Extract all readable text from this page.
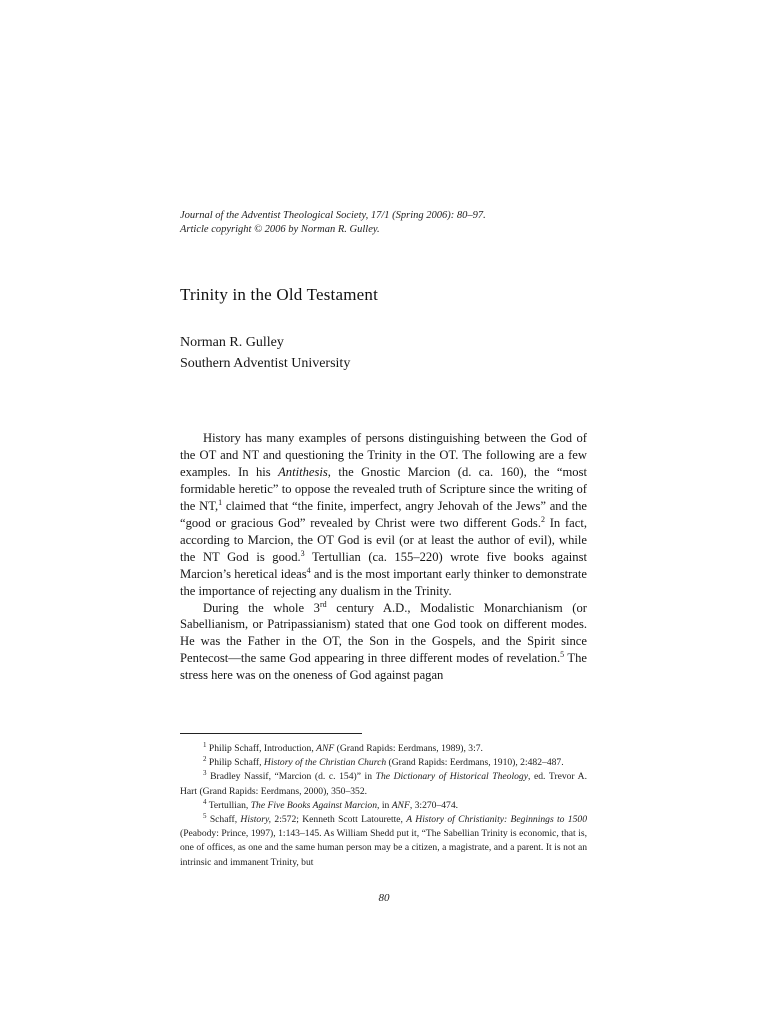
Journal of the Adventist Theological Society, 17/1 (Spring 2006): 80–97.
Article copyright © 2006 by Norman R. Gulley.
Trinity in the Old Testament
Norman R. Gulley
Southern Adventist University

History has many examples of persons distinguishing between the God of the OT and NT and questioning the Trinity in the OT. The following are a few examples. In his Antithesis, the Gnostic Marcion (d. ca. 160), the “most formidable heretic” to oppose the revealed truth of Scripture since the writing of the NT,$^1$ claimed that “the finite, imperfect, angry Jehovah of the Jews” and the “good or gracious God” revealed by Christ were two different Gods.$^2$ In fact, according to Marcion, the OT God is evil (or at least the author of evil), while the NT God is good.$^3$ Tertullian (ca. 155–220) wrote five books against Marcion’s heretical ideas$^4$ and is the most important early thinker to demonstrate the importance of rejecting any dualism in the Trinity.

During the whole 3rd century A.D., Modalistic Monarchianism (or Sabellianism, or Patripassianism) stated that one God took on different modes. He was the Father in the OT, the Son in the Gospels, and the Spirit since Pentecost—the same God appearing in three different modes of revelation.$^5$ The stress here was on the oneness of God against pagan

$^1$ Philip Schaff, Introduction, ANF (Grand Rapids: Eerdmans, 1989), 3:7.

$^2$ Philip Schaff, History of the Christian Church (Grand Rapids: Eerdmans, 1910), 2:482–487.

$^3$ Bradley Nassif, “Marcion (d. c. 154)” in The Dictionary of Historical Theology, ed. Trevor A. Hart (Grand Rapids: Eerdmans, 2000), 350–352.

$^4$ Tertullian, The Five Books Against Marcion, in ANF, 3:270–474.

$^5$ Schaff, History, 2:572; Kenneth Scott Latourette, A History of Christianity: Beginnings to 1500 (Peabody: Prince, 1997), 1:143–145. As William Shedd put it, “The Sabellian Trinity is economic, that is, one of offices, as one and the same human person may be a citizen, a magistrate, and a parent. It is not an intrinsic and immanent Trinity, but

80
